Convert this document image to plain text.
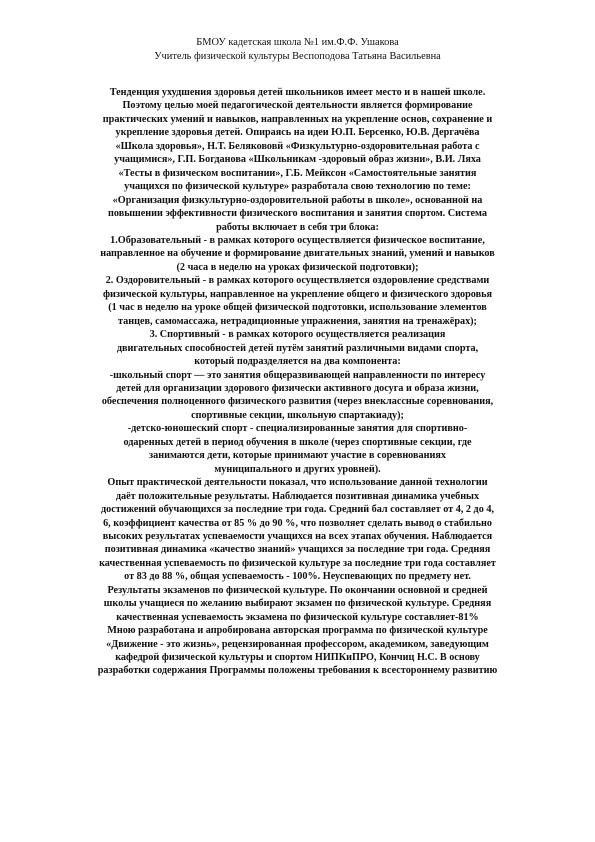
БМОУ кадетская школа №1 им.Ф.Ф. Ушакова
Учитель физической культуры Веспоподова Татьяна Васильевна
Тенденция ухудшения здоровья детей школьников имеет место и в нашей школе.
Поэтому целью моей педагогической деятельности является формирование
практических умений и навыков, направленных на укрепление основ, сохранение и
укрепление здоровья детей. Опираясь на идеи Ю.П. Берсенко, Ю.В. Дергачёва
«Школа здоровья», Н.Т. Белякововй «Физкультурно-оздоровительная работа с
учащимися», Г.П. Богданова «Школьникам -здоровый образ жизни», В.И. Ляха
«Тесты в физическом воспитании», Г.Б. Мейксон «Самостоятельные занятия
учащихся по физической культуре» разработала свою технологию по теме:
«Организация физкультурно-оздоровительной работы в школе», основанной на
повышении эффективности физического воспитания и занятия спортом. Система
работы включает в себя три блока:
1.Образовательный - в рамках которого осуществляется физическое воспитание,
направленное на обучение и формирование двигательных знаний, умений и навыков
(2 часа в неделю на уроках физической подготовки);
2. Оздоровительный - в рамках которого осуществляется оздоровление средствами
физической культуры, направленное на укрепление общего и физического здоровья
(1 час в неделю на уроке общей физической подготовки, использование элементов
танцев, самомассажа, нетрадиционные упражнения, занятия на тренажёрах);
3. Спортивный - в рамках которого осуществляется реализация
двигательных способностей детей путём занятий различными видами спорта,
который подразделяется на два компонента:
-школьный спорт — это занятия общеразвивающей направленности по интересу
детей для организации здорового физически активного досуга и образа жизни,
обеспечения полноценного физического развития (через внеклассные соревнования,
спортивные секции, школьную спартакиаду);
-детско-юношеский спорт - специализированные занятия для спортивно-
одаренных детей в период обучения в школе (через спортивные секции, где
занимаются дети, которые принимают участие в соревнованиях
муниципального и других уровней).
Опыт практической деятельности показал, что использование данной технологии
даёт положительные результаты. Наблюдается позитивная динамика учебных
достижений обучающихся за последние три года. Средний бал составляет от 4, 2 до 4,
6, коэффициент качества от 85 % до 90 %, что позволяет сделать вывод о стабильно
высоких результатах успеваемости учащихся на всех этапах обучения. Наблюдается
позитивная динамика «качество знаний» учащихся за последние три года. Средняя
качественная успеваемость по физической культуре за последние три года составляет
от 83 до 88 %, общая успеваемость - 100%. Неуспевающих по предмету нет.
Результаты экзаменов по физической культуре. По окончании основной и средней
школы учащиеся по желанию выбирают экзамен по физической культуре. Средняя
качественная успеваемость экзамена по физической культуре составляет-81%
Мною разработана и апробирована авторская программа по физической культуре
«Движение - это жизнь», рецензированная профессором, академиком, заведующим
кафедрой физической культуры и спортом НИПКиПРО, Кончиц Н.С. В основу
разработки содержания Программы положены требования к всестороннему развитию
